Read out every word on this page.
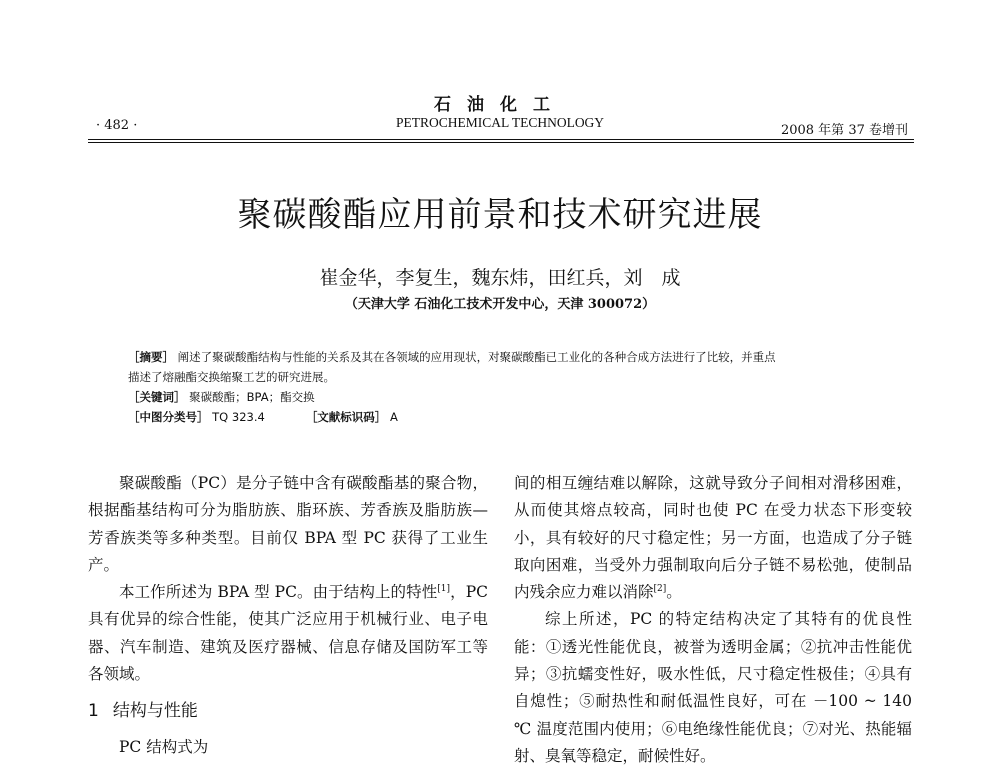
石油化工
· 482 ·	PETROCHEMICAL TECHNOLOGY
2008 年第 37 卷增刊
聚碳酸酯应用前景和技术研究进展
崔金华，李复生，魏东炜，田红兵，刘　成
（天津大学 石油化工技术开发中心，天津 300072）
［摘要］ 阐述了聚碳酸酯结构与性能的关系及其在各领域的应用现状，对聚碳酸酯已工业化的各种合成方法进行了比较，并重点
描述了熔融酯交换缩聚工艺的研究进展。
［关键词］ 聚碳酸酯；BPA；酯交换
［中图分类号］ TQ 323.4	［文献标识码］ A

聚碳酸酯（PC）是分子链中含有碳酸酯基的聚合物，根据酯基结构可分为脂肪族、脂环族、芳香族及脂肪族—芳香族类等多种类型。目前仅 BPA 型 PC 获得了工业生产。

本工作所述为 BPA 型 PC。由于结构上的特性[1]，PC 具有优异的综合性能，使其广泛应用于机械行业、电子电器、汽车制造、建筑及医疗器械、信息存储及国防军工等各领域。

1 结构与性能

PC 结构式为

间的相互缠结难以解除，这就导致分子间相对滑移困难，从而使其熔点较高，同时也使 PC 在受力状态下形变较小，具有较好的尺寸稳定性；另一方面，也造成了分子链取向困难，当受外力强制取向后分子链不易松弛，使制品内残余应力难以消除[2]。

综上所述，PC 的特定结构决定了其特有的优良性能：①透光性能优良，被誉为透明金属；②抗冲击性能优异；③抗蠕变性好，吸水性低，尺寸稳定性极佳；④具有自熄性；⑤耐热性和耐低温性良好，可在 －100 ~ 140 ℃ 温度范围内使用；⑥电绝缘性能优良；⑦对光、热能辐射、臭氧等稳定，耐候性好。
